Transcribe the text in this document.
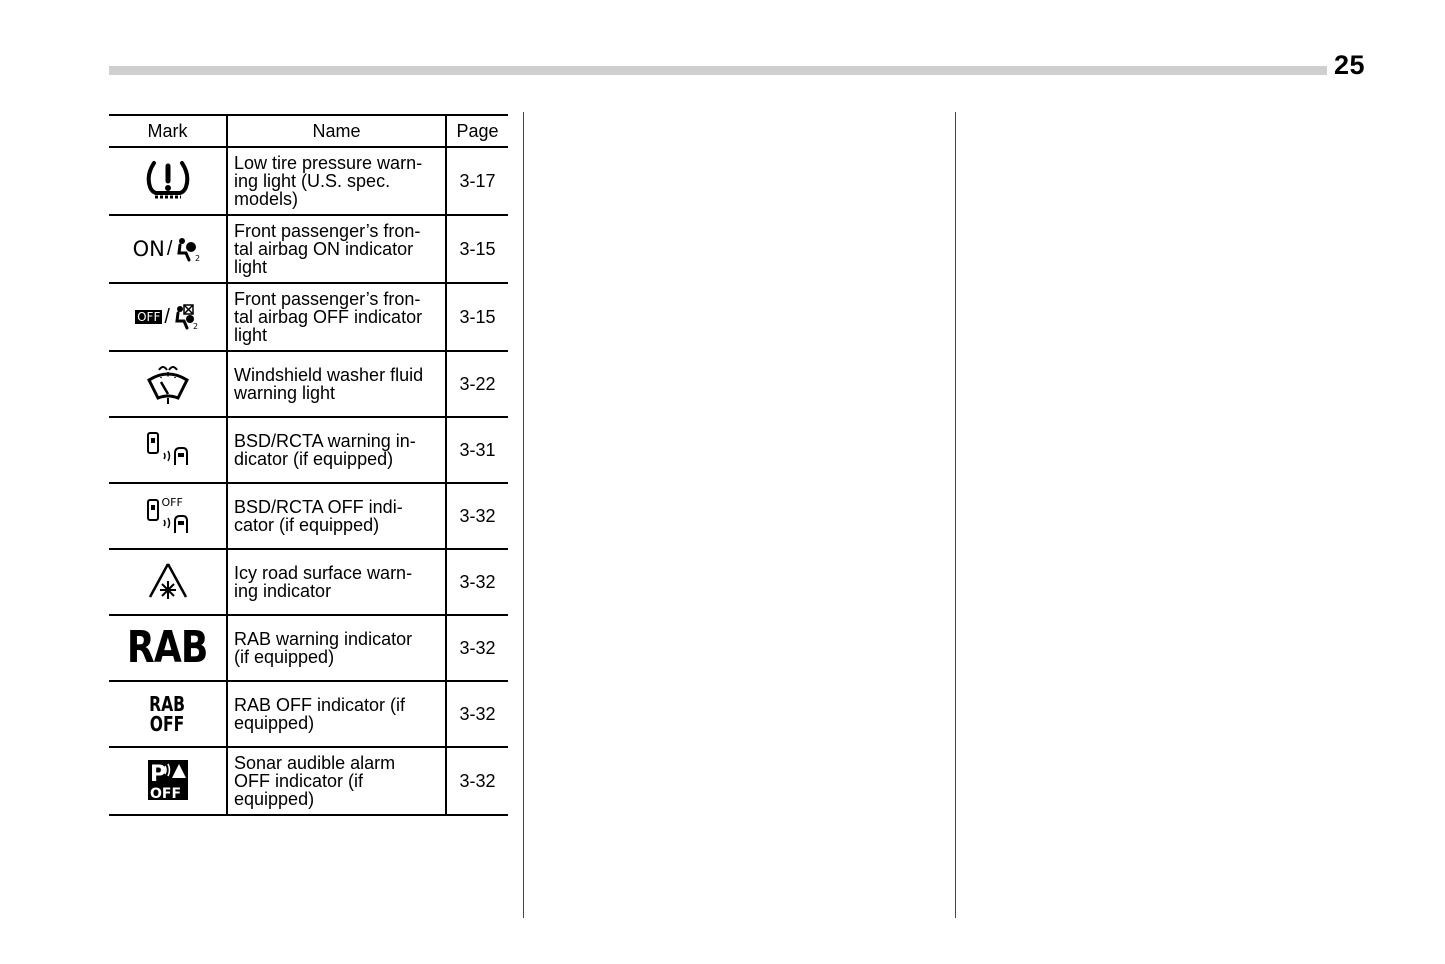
25
Mark	Name	Page

	Low tire pressure warn-
ing light (U.S. spec.
models)	3-17

ON / 2	Front passenger’s fron-
tal airbag ON indicator
light	3-15

OFF / 2	Front passenger’s fron-
tal airbag OFF indicator
light	3-15

	Windshield washer fluid
warning light	3-22

	BSD/RCTA warning in-
dicator (if equipped)	3-31

OFF	BSD/RCTA OFF indi-
cator (if equipped)	3-32

	Icy road surface warn-
ing indicator	3-32
RAB	RAB warning indicator
(if equipped)	3-32

RAB
OFF	RAB OFF indicator (if
equipped)	3-32

P
OFF	Sonar audible alarm
OFF indicator (if
equipped)	3-32
